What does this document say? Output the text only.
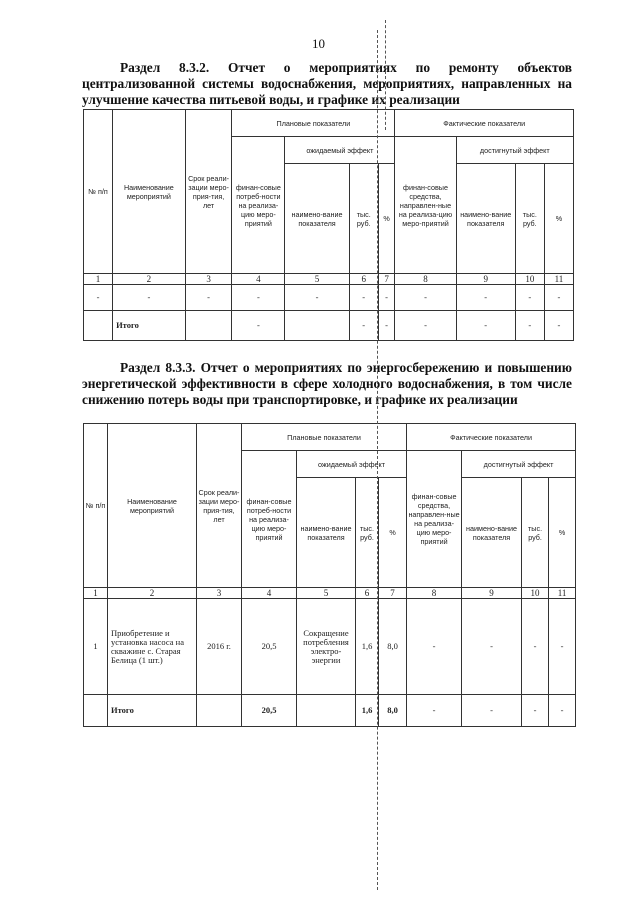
10
Раздел 8.3.2. Отчет о мероприятиях по ремонту объектов централизованной системы водоснабжения, мероприятиях, направленных на улучшение качества питьевой воды, и графике их реализации
№ п/п	Наименование мероприятий	Срок реали-зации меро-прия-тия, лет	Плановые показатели				Фактические показатели			
			финан-совые потреб-ности на реализа-цию меро-приятий	ожидаемый эффект			финан-совые средства, направлен-ные на реализа-цию меро-приятий	достигнутый эффект		
				наимено-вание показателя	тыс. руб.	%		наимено-вание показателя	тыс. руб.	%
1	2	3	4	5	6	7	8	9	10	11
-	-	-	-	-	-	-	-	-	-	-
	Итого		-		-	-	-	-	-	-
Раздел 8.3.3. Отчет о мероприятиях по энергосбережению и повышению энергетической эффективности в сфере холодного водоснабжения, в том числе снижению потерь воды при транспортировке, и графике их реализации
№ п/п	Наименование мероприятий	Срок реали-зации меро-прия-тия, лет	Плановые показатели				Фактические показатели			
			финан-совые потреб-ности на реализа-цию меро-приятий	ожидаемый эффект			финан-совые средства, направлен-ные на реализа-цию меро-приятий	достигнутый эффект		
				наимено-вание показателя	тыс. руб.	%		наимено-вание показателя	тыс. руб.	%
1	2	3	4	5	6	7	8	9	10	11
1	Приобретение и установка насоса на скважине с. Старая Белица (1 шт.)	2016 г.	20,5	Сокращение потребления электро-энергии	1,6	8,0	-	-	-	-
	Итого		20,5		1,6	8,0	-	-	-	-
